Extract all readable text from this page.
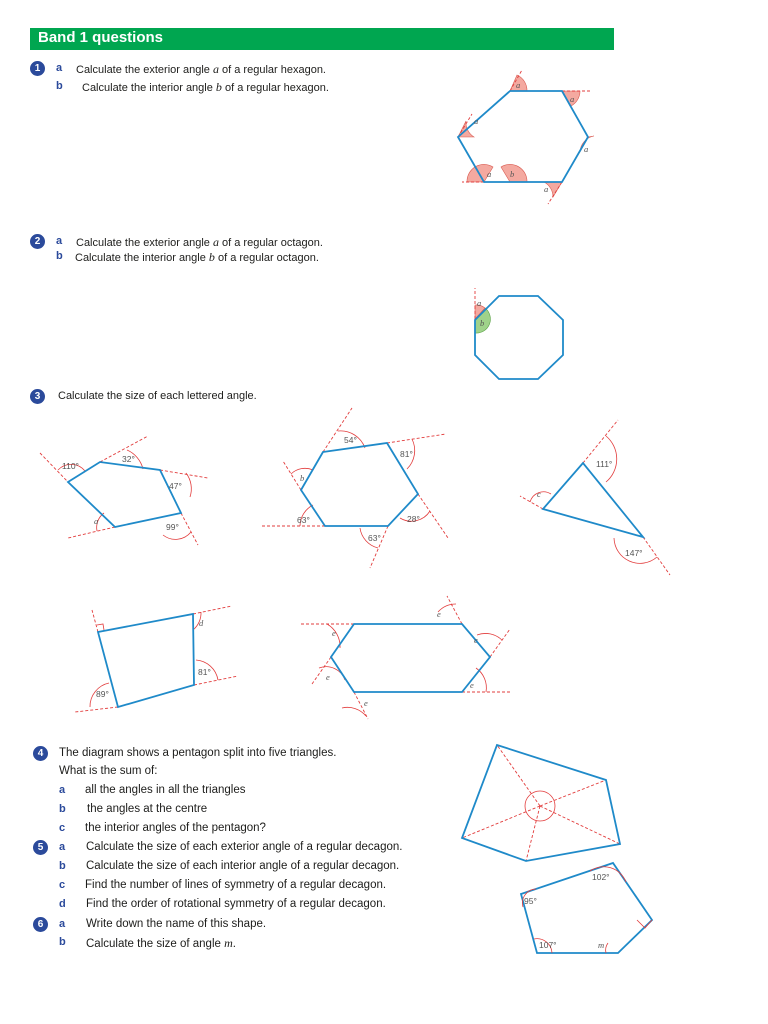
Band 1 questions
1	a Calculate the exterior angle a of a regular hexagon.
b Calculate the interior angle b of a regular hexagon.
2	a Calculate the exterior angle a of a regular octagon.
b Calculate the interior angle b of a regular octagon.
3	Calculate the size of each lettered angle.
4	The diagram shows a pentagon split into five triangles.
What is the sum of:
a all the angles in all the triangles
b the angles at the centre
c the interior angles of the pentagon?
5	a Calculate the size of each exterior angle of a regular decagon.
b Calculate the size of each interior angle of a regular decagon.
c Find the number of lines of symmetry of a regular decagon.
d Find the order of rotational symmetry of a regular decagon.
6	a Write down the name of this shape.
b Calculate the size of angle m.
a
a
a
a
a
a
b
a
b
110°
32°
47°
99°
a
54°
81°
b
63°	28°
63°
111°
c
147°
d
81°
89°
e
e
e
e
e
e
102°
95°
107°	m
